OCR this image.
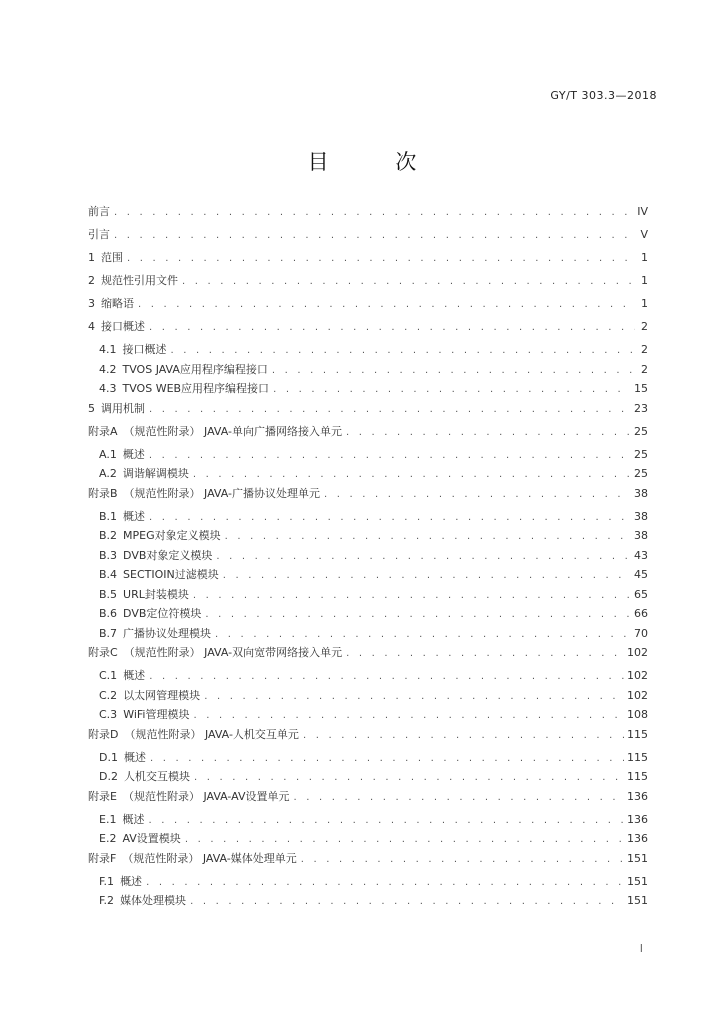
GY/T 303.3—2018
目 次
前言 . . .	IV
引言 . . .	V
1 范围 . . .	1
2 规范性引用文件 . . .	1
3 缩略语 . . .	1
4 接口概述 . . .	2
4.1 接口概述 . . .	2
4.2 TVOS JAVA应用程序编程接口 . . .	2
4.3 TVOS WEB应用程序编程接口 . . .	15
5 调用机制 . . .	23
附录A （规范性附录） JAVA-单向广播网络接入单元 . . .	25
A.1 概述 . . .	25
A.2 调谐解调模块 . . .	25
附录B （规范性附录） JAVA-广播协议处理单元 . . .	38
B.1 概述 . . .	38
B.2 MPEG对象定义模块 . . .	38
B.3 DVB对象定义模块 . . .	43
B.4 SECTIOIN过滤模块 . . .	45
B.5 URL封装模块 . . .	65
B.6 DVB定位符模块 . . .	66
B.7 广播协议处理模块 . . .	70
附录C （规范性附录） JAVA-双向宽带网络接入单元 . . .	102
C.1 概述 . . .	102
C.2 以太网管理模块 . . .	102
C.3 WiFi管理模块 . . .	108
附录D （规范性附录） JAVA-人机交互单元 . . .	115
D.1 概述 . . .	115
D.2 人机交互模块 . . .	115
附录E （规范性附录） JAVA-AV设置单元 . . .	136
E.1 概述 . . .	136
E.2 AV设置模块 . . .	136
附录F （规范性附录） JAVA-媒体处理单元 . . .	151
F.1 概述 . . .	151
F.2 媒体处理模块 . . .	151
I
